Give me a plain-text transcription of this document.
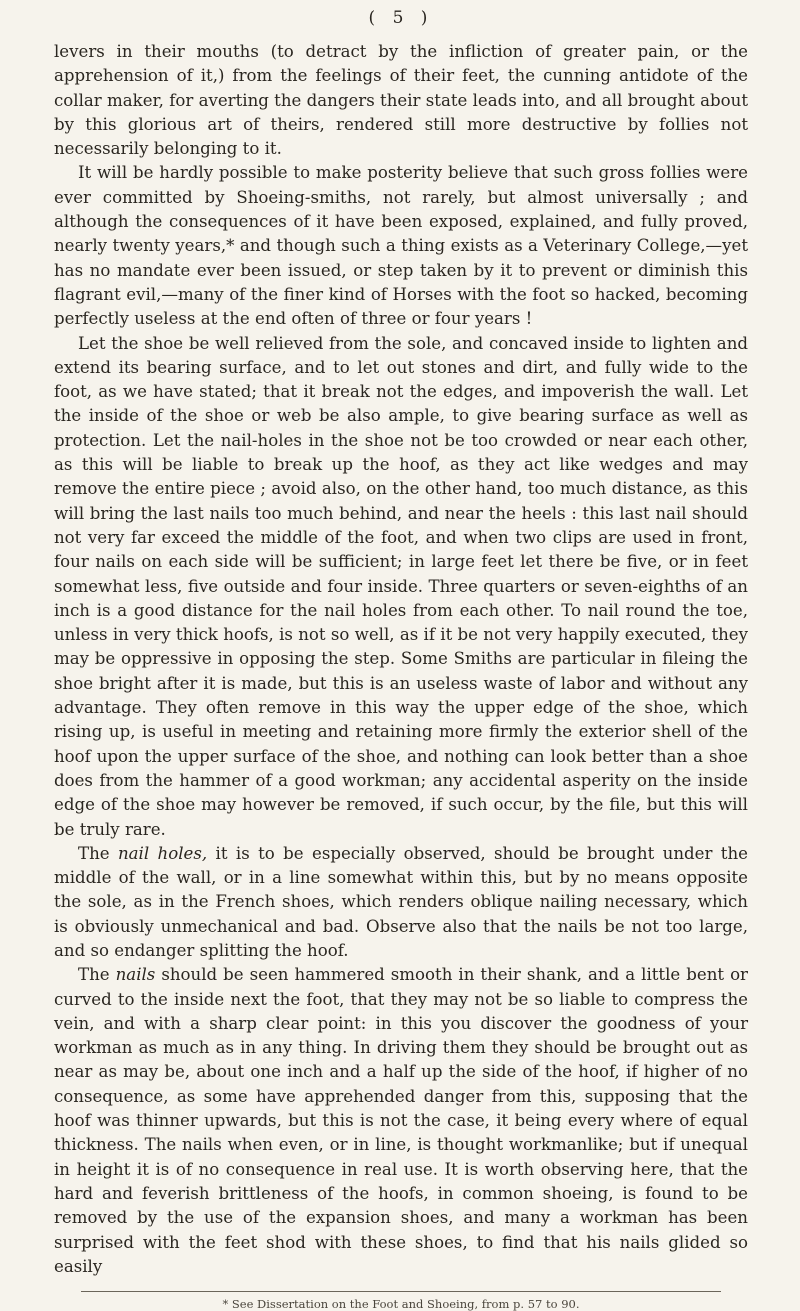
( 5 )

levers in their mouths (to detract by the infliction of greater pain, or the apprehension of it,) from the feelings of their feet, the cunning antidote of the collar maker, for averting the dangers their state leads into, and all brought about by this glorious art of theirs, rendered still more destructive by follies not necessarily belonging to it.

It will be hardly possible to make posterity believe that such gross follies were ever committed by Shoeing-smiths, not rarely, but almost universally ; and although the consequences of it have been exposed, explained, and fully proved, nearly twenty years,* and though such a thing exists as a Veterinary College,—yet has no mandate ever been issued, or step taken by it to prevent or diminish this flagrant evil,—many of the finer kind of Horses with the foot so hacked, becoming perfectly useless at the end often of three or four years !

Let the shoe be well relieved from the sole, and concaved inside to lighten and extend its bearing surface, and to let out stones and dirt, and fully wide to the foot, as we have stated; that it break not the edges, and impoverish the wall. Let the inside of the shoe or web be also ample, to give bearing surface as well as protection. Let the nail-holes in the shoe not be too crowded or near each other, as this will be liable to break up the hoof, as they act like wedges and may remove the entire piece ; avoid also, on the other hand, too much distance, as this will bring the last nails too much behind, and near the heels : this last nail should not very far exceed the middle of the foot, and when two clips are used in front, four nails on each side will be sufficient; in large feet let there be five, or in feet somewhat less, five outside and four inside. Three quarters or seven-eighths of an inch is a good distance for the nail holes from each other. To nail round the toe, unless in very thick hoofs, is not so well, as if it be not very happily executed, they may be oppressive in opposing the step. Some Smiths are particular in fileing the shoe bright after it is made, but this is an useless waste of labor and without any advantage. They often remove in this way the upper edge of the shoe, which rising up, is useful in meeting and retaining more firmly the exterior shell of the hoof upon the upper surface of the shoe, and nothing can look better than a shoe does from the hammer of a good workman; any accidental asperity on the inside edge of the shoe may however be removed, if such occur, by the file, but this will be truly rare.

The nail holes, it is to be especially observed, should be brought under the middle of the wall, or in a line somewhat within this, but by no means opposite the sole, as in the French shoes, which renders oblique nailing necessary, which is obviously unmechanical and bad. Observe also that the nails be not too large, and so endanger splitting the hoof.

The nails should be seen hammered smooth in their shank, and a little bent or curved to the inside next the foot, that they may not be so liable to compress the vein, and with a sharp clear point: in this you discover the goodness of your workman as much as in any thing. In driving them they should be brought out as near as may be, about one inch and a half up the side of the hoof, if higher of no consequence, as some have apprehended danger from this, supposing that the hoof was thinner upwards, but this is not the case, it being every where of equal thickness. The nails when even, or in line, is thought workmanlike; but if unequal in height it is of no consequence in real use. It is worth observing here, that the hard and feverish brittleness of the hoofs, in common shoeing, is found to be removed by the use of the expansion shoes, and many a workman has been surprised with the feet shod with these shoes, to find that his nails glided so easily

* See Dissertation on the Foot and Shoeing, from p. 57 to 90.
